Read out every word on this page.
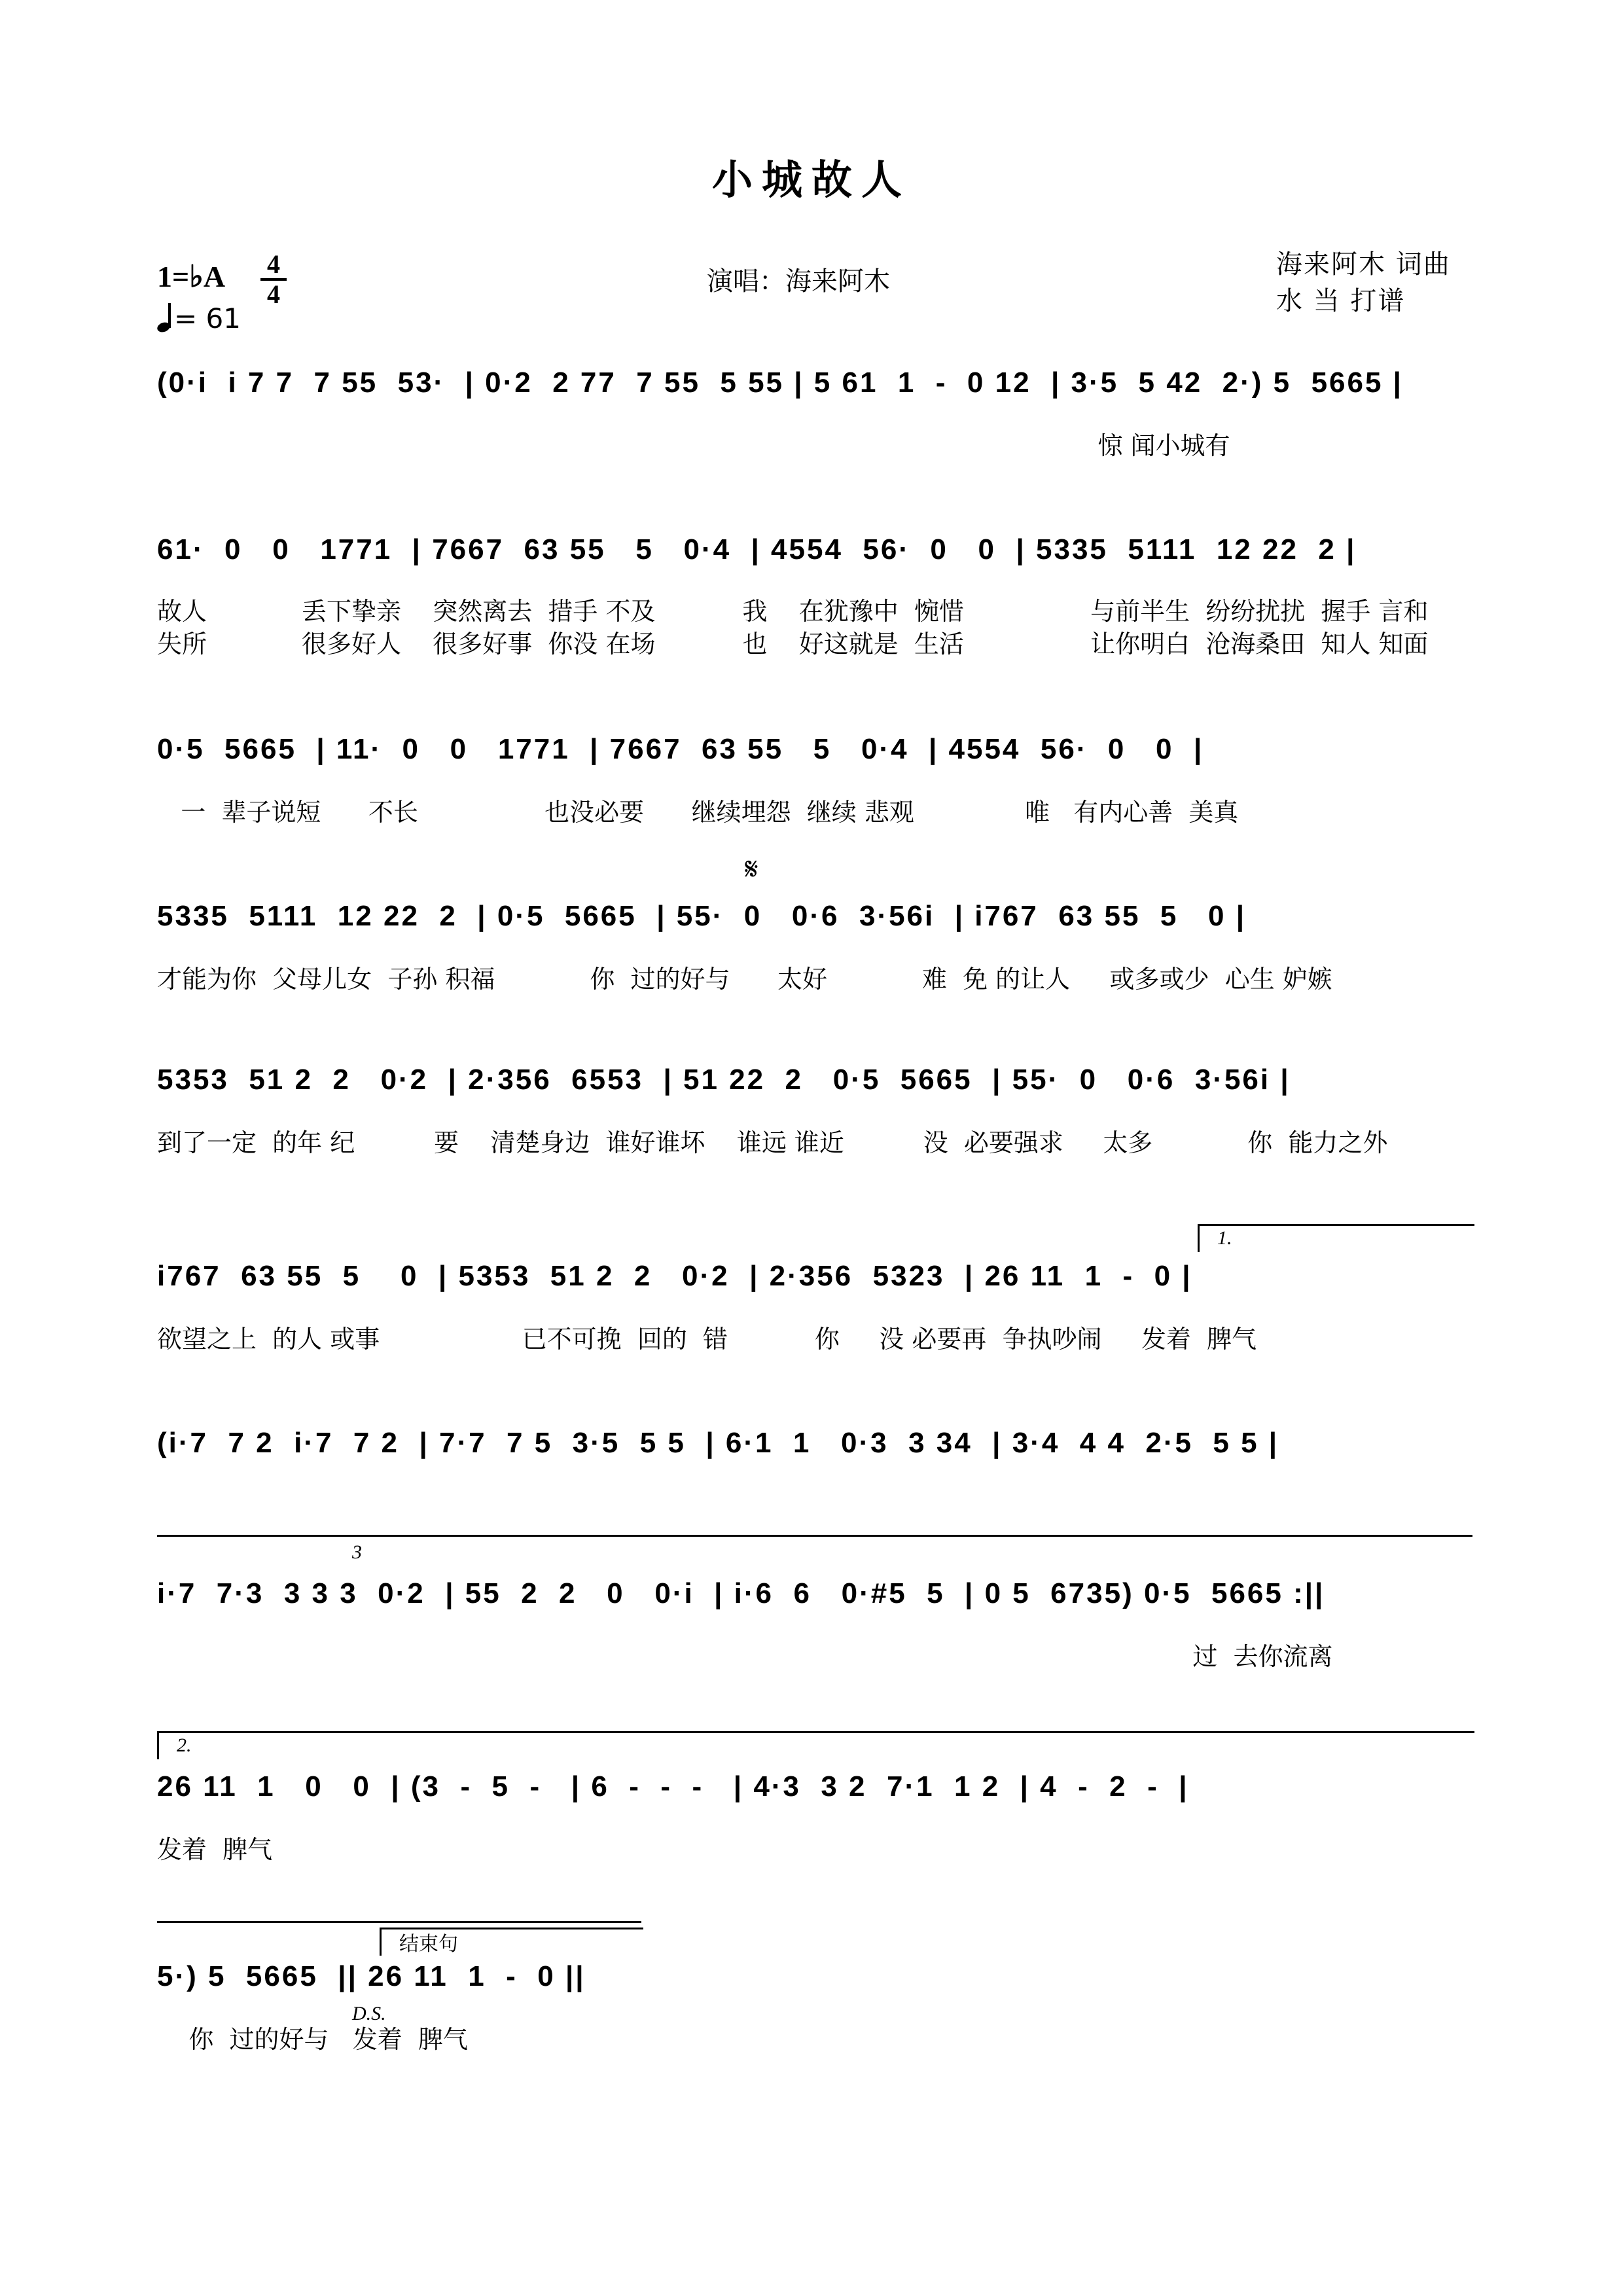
小城故人
1=♭A 4
4
= 61
演唱：海来阿木
海来阿木 词曲
水 当 打谱
(0·i  i 7 7  7 55  53·  | 0·2  2 77  7 55  5 55 | 5 61  1  -  0 12  | 3·5  5 42  2·) 5  5665 |
惊 闻小城有
61·  0   0   1771  | 7667  63 55   5   0·4  | 4554  56·  0   0  | 5335  5111  12 22  2 |
故人            丢下挚亲    突然离去  措手 不及           我    在犹豫中  惋惜                与前半生  纷纷扰扰  握手 言和
失所            很多好人    很多好事  你没 在场           也    好这就是  生活                让你明白  沧海桑田  知人 知面
0·5  5665  | 11·  0   0   1771  | 7667  63 55   5   0·4  | 4554  56·  0   0  |
一  辈子说短      不长                也没必要      继续埋怨  继续 悲观              唯   有内心善  美真
𝄋
5335  5111  12 22  2  | 0·5  5665  | 55·  0   0·6  3·56i  | i767  63 55  5   0 |
才能为你  父母儿女  子孙 积福            你  过的好与      太好            难  免 的让人     或多或少  心生 妒嫉
5353  51 2  2   0·2  | 2·356  6553  | 51 22  2   0·5  5665  | 55·  0   0·6  3·56i |
到了一定  的年 纪          要    清楚身边  谁好谁坏    谁远 谁近          没  必要强求     太多            你  能力之外
1.
i767  63 55  5    0  | 5353  51 2  2   0·2  | 2·356  5323  | 26 11  1  -  0 |
欲望之上  的人 或事                  已不可挽  回的  错           你     没 必要再  争执吵闹     发着  脾气
(i·7  7 2  i·7  7 2  | 7·7  7 5  3·5  5 5  | 6·1  1   0·3  3 34  | 3·4  4 4  2·5  5 5 |
3
i·7  7·3  3 3 3  0·2  | 55  2  2   0   0·i  | i·6  6   0·#5  5  | 0 5  6735) 0·5  5665 :||
过  去你流离
2.
26 11  1   0   0  | (3  -  5  -   | 6  -  -  -   | 4·3  3 2  7·1  1 2  | 4  -  2  -  |
发着  脾气
结束句
5·) 5  5665  || 26 11  1  -  0 ||
你  过的好与   发着  脾气
D.S.
